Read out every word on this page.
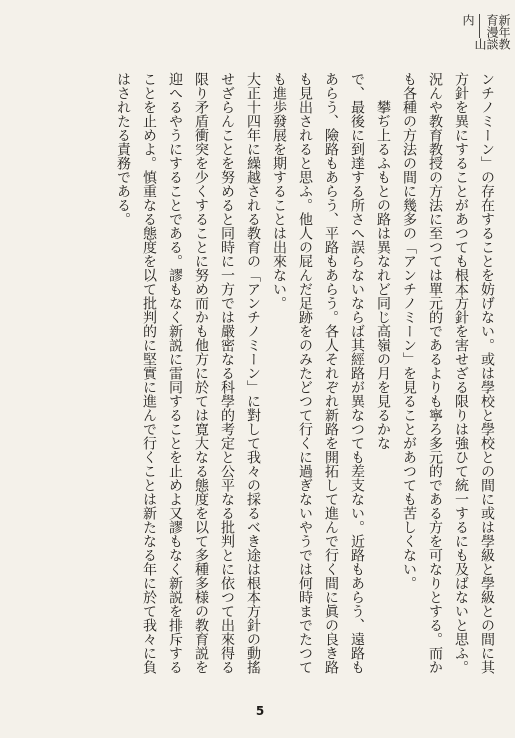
新年教育漫談――山内

ンチノミーン」の存在することを妨げない。或は學校と學校との間に或は學級と學級との間に其方針を異にすることがあつても根本方針を害せざる限りは強ひて統一するにも及ばないと思ふ。況んや教育教授の方法に至つては單元的であるよりも寧ろ多元的である方を可なりとする。而かも各種の方法の間に幾多の「アンチノミーン」を見ることがあつても苦しくない。

攀ぢ上るふもとの路は異なれど同じ高嶺の月を見るかな

で、最後に到達する所さへ誤らないならば其經路が異なつても差支ない。近路もあらう、遠路もあらう、險路もあらう、平路もあらう。各人それぞれ新路を開拓して進んで行く間に眞の良き路も見出されると思ふ。他人の屁んだ足跡をのみたどつて行くに過ぎないやうでは何時までたつても進歩發展を期することは出來ない。

大正十四年に繰越される教育の「アンチノミーン」に對して我々の採るべき途は根本方針の動搖せざらんことを努めると同時に一方では嚴密なる科學的考定と公平なる批判とに依つて出來得る限り矛盾衝突を少くすることに努め而かも他方に於ては寛大なる態度を以て多種多様の教育説を迎へるやうにすることである。謬もなく新説に雷同することを止めよ又謬もなく新説を排斥することを止めよ。慎重なる態度を以て批判的に堅實に進んで行くことは新たなる年に於て我々に負はされたる責務である。

5
